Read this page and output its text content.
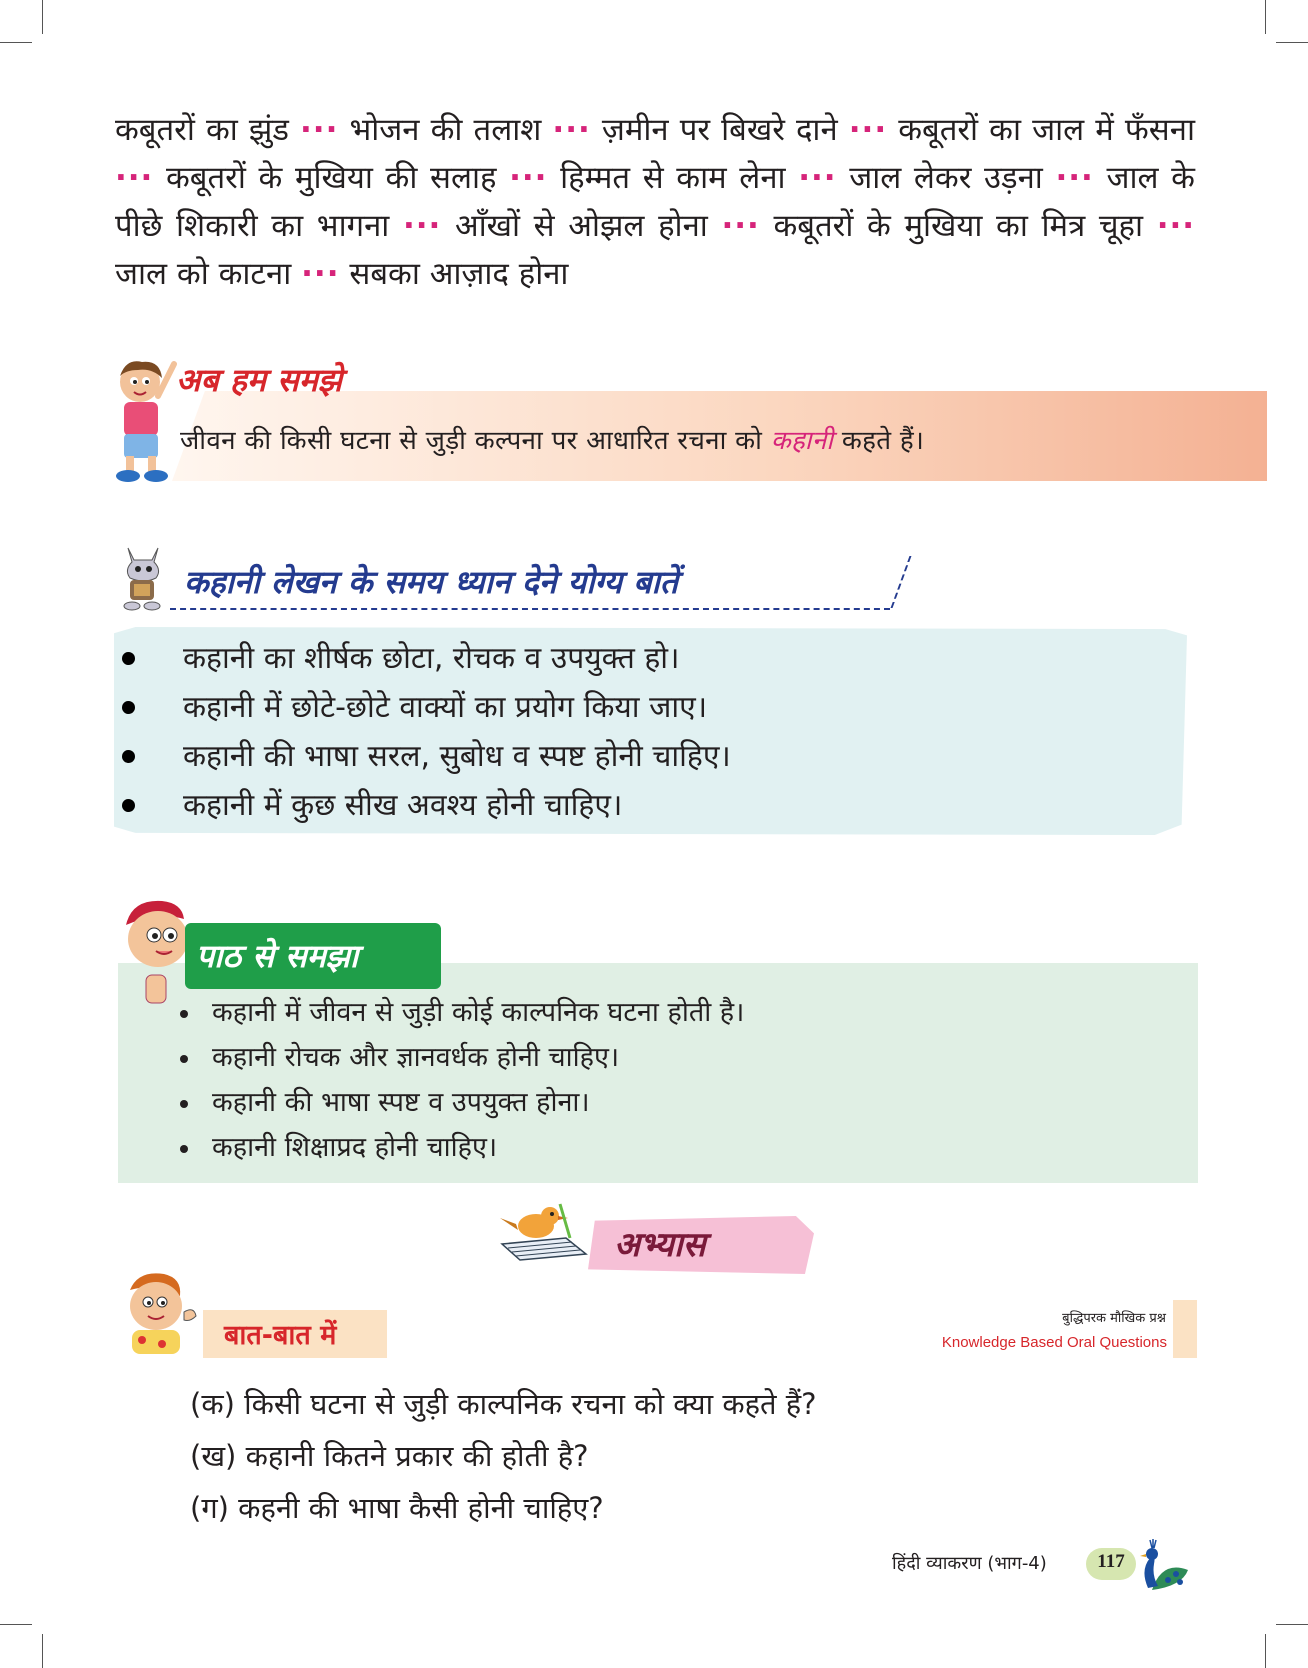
कबूतरों का झुंड ··· भोजन की तलाश ··· ज़मीन पर बिखरे दाने ··· कबूतरों का जाल में फँसना ··· कबूतरों के मुखिया की सलाह ··· हिम्मत से काम लेना ··· जाल लेकर उड़ना ··· जाल के पीछे शिकारी का भागना ··· आँखों से ओझल होना ··· कबूतरों के मुखिया का मित्र चूहा ··· जाल को काटना ··· सबका आज़ाद होना
अब हम समझे
जीवन की किसी घटना से जुड़ी कल्पना पर आधारित रचना को कहानी कहते हैं।
कहानी लेखन के समय ध्यान देने योग्य बातें
कहानी का शीर्षक छोटा, रोचक व उपयुक्त हो।
कहानी में छोटे-छोटे वाक्यों का प्रयोग किया जाए।
कहानी की भाषा सरल, सुबोध व स्पष्ट होनी चाहिए।
कहानी में कुछ सीख अवश्य होनी चाहिए।
पाठ से समझा
कहानी में जीवन से जुड़ी कोई काल्पनिक घटना होती है।
कहानी रोचक और ज्ञानवर्धक होनी चाहिए।
कहानी की भाषा स्पष्ट व उपयुक्त होना।
कहानी शिक्षाप्रद होनी चाहिए।
अभ्यास
बात-बात में
बुद्धिपरक मौखिक प्रश्न
Knowledge Based Oral Questions
(क) किसी घटना से जुड़ी काल्पनिक रचना को क्या कहते हैं?
(ख) कहानी कितने प्रकार की होती है?
(ग) कहनी की भाषा कैसी होनी चाहिए?
हिंदी व्याकरण (भाग-4)	117
